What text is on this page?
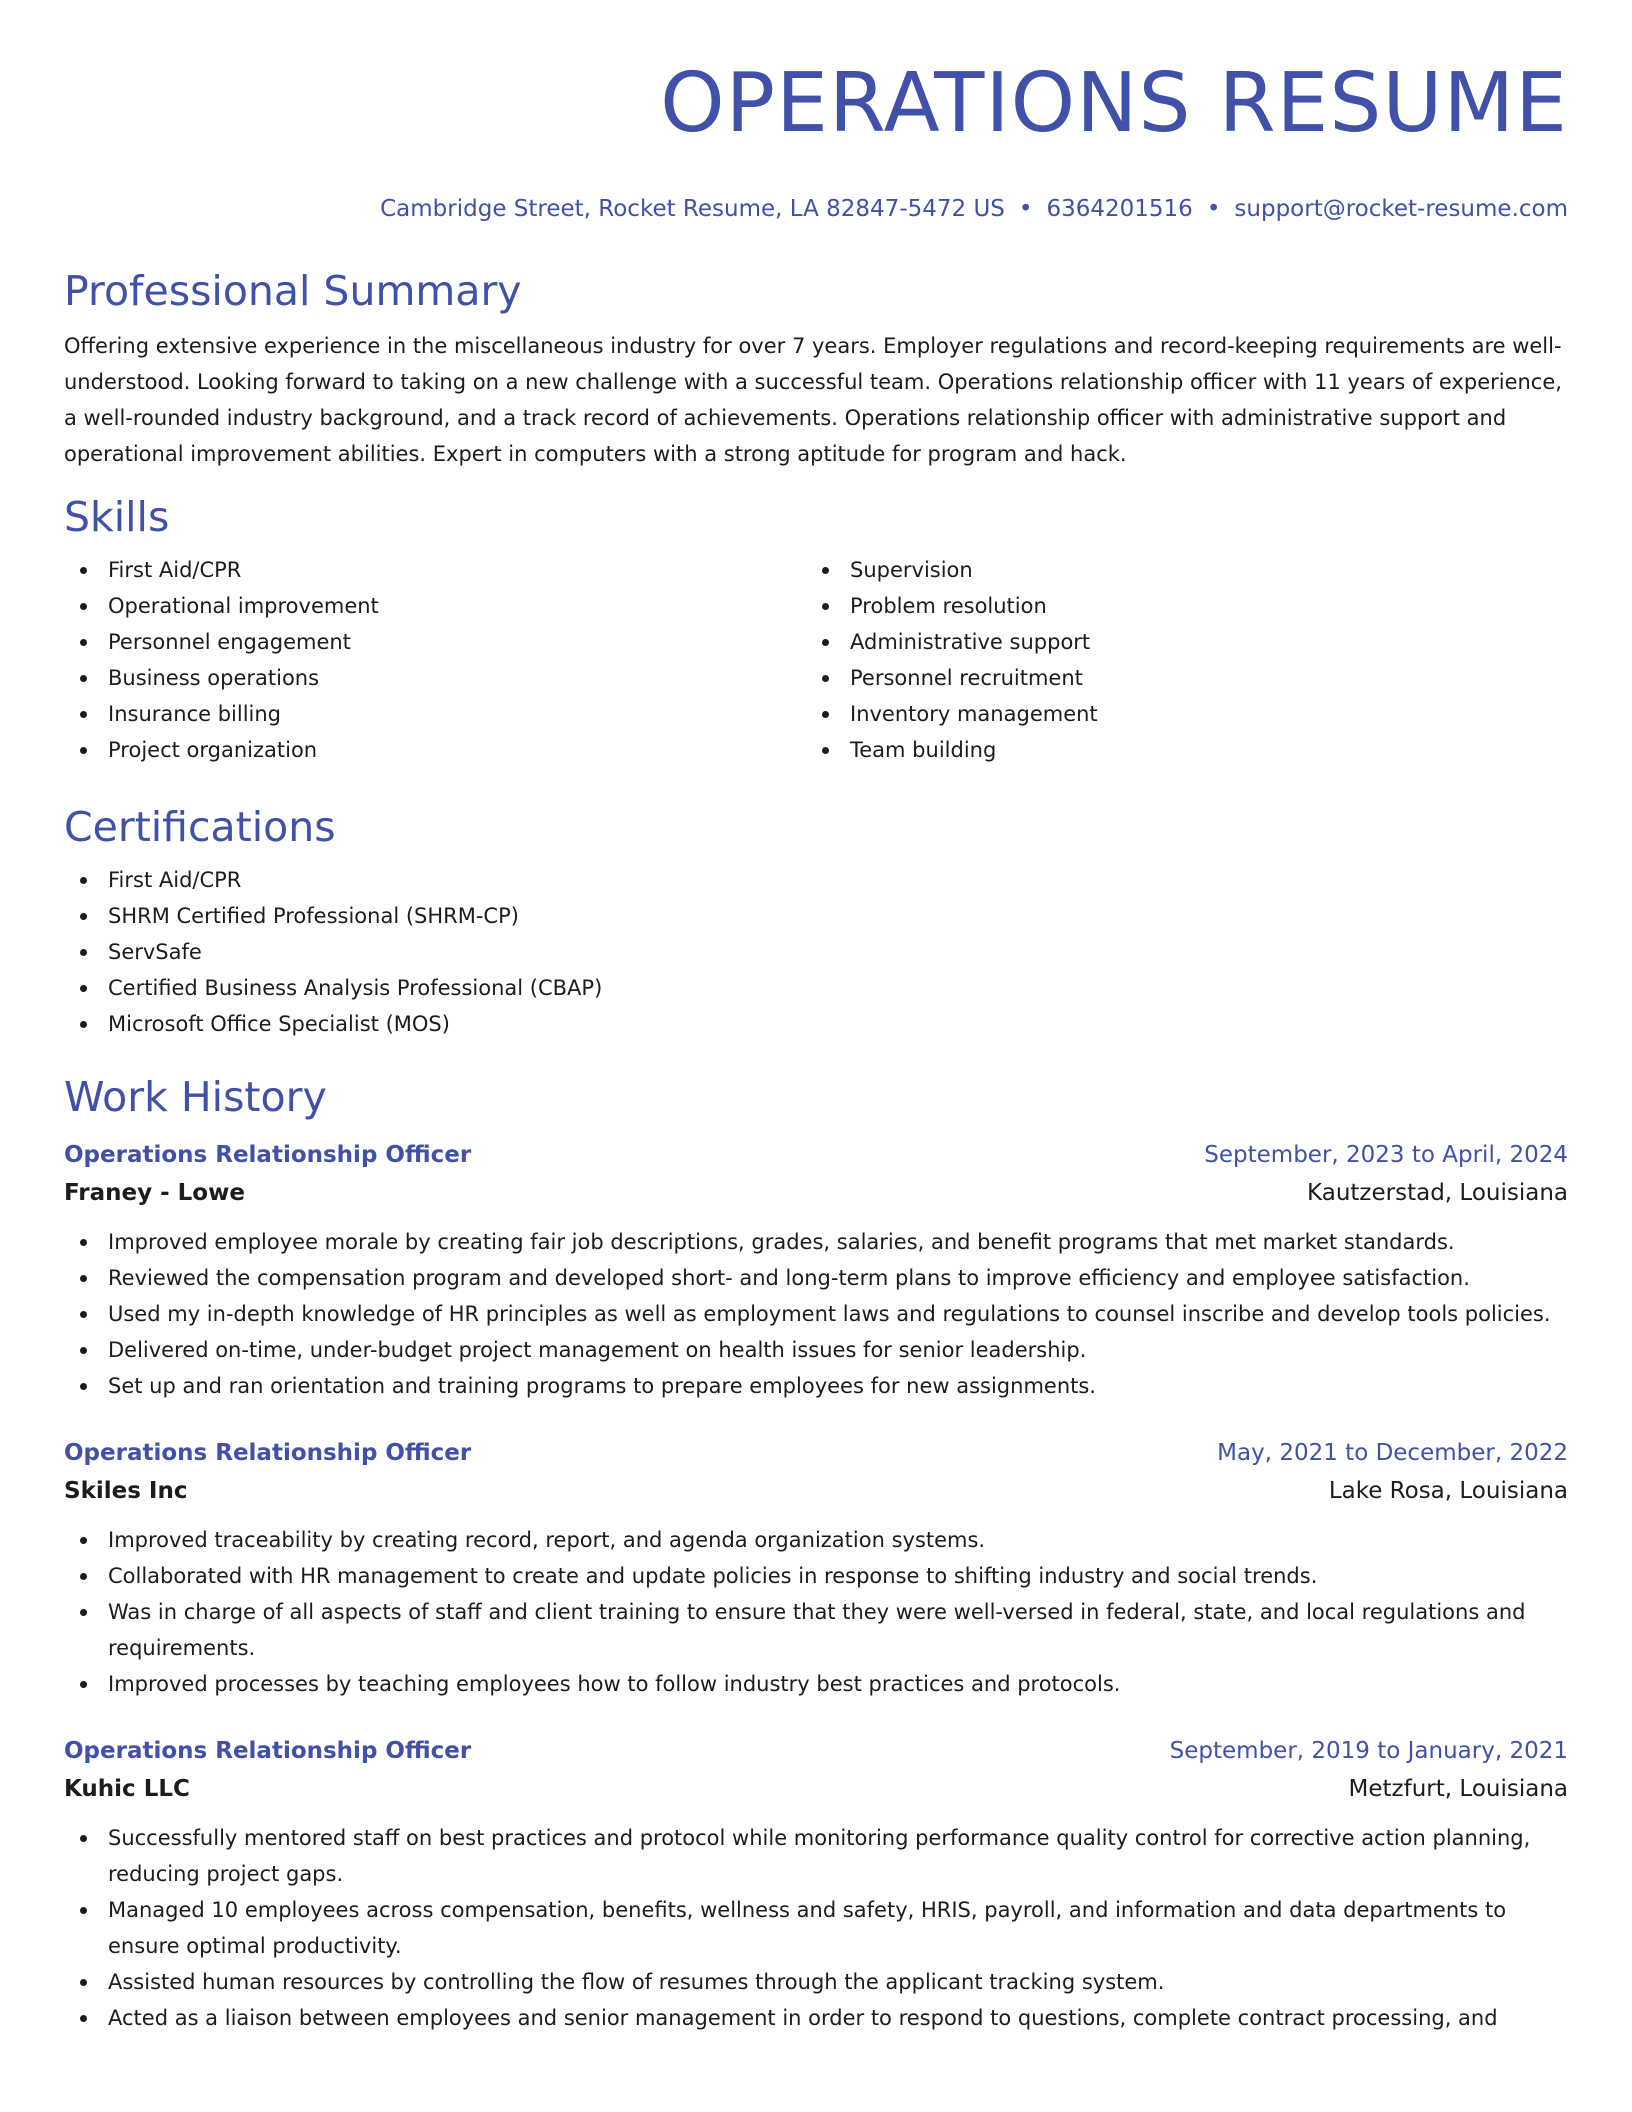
OPERATIONS RESUME
Cambridge Street, Rocket Resume, LA 82847-5472 US • 6364201516 • support@rocket-resume.com
Professional Summary

Offering extensive experience in the miscellaneous industry for over 7 years. Employer regulations and record-keeping requirements are well-understood. Looking forward to taking on a new challenge with a successful team. Operations relationship officer with 11 years of experience, a well-rounded industry background, and a track record of achievements. Operations relationship officer with administrative support and operational improvement abilities. Expert in computers with a strong aptitude for program and hack.

Skills
First Aid/CPR
Operational improvement
Personnel engagement
Business operations
Insurance billing
Project organization
Supervision
Problem resolution
Administrative support
Personnel recruitment
Inventory management
Team building
Certifications
First Aid/CPR
SHRM Certified Professional (SHRM-CP)
ServSafe
Certified Business Analysis Professional (CBAP)
Microsoft Office Specialist (MOS)
Work History
Operations Relationship Officer	September, 2023 to April, 2024
Franey - Lowe	Kautzerstad, Louisiana
Improved employee morale by creating fair job descriptions, grades, salaries, and benefit programs that met market standards.
Reviewed the compensation program and developed short- and long-term plans to improve efficiency and employee satisfaction.
Used my in-depth knowledge of HR principles as well as employment laws and regulations to counsel inscribe and develop tools policies.
Delivered on-time, under-budget project management on health issues for senior leadership.
Set up and ran orientation and training programs to prepare employees for new assignments.
Operations Relationship Officer	May, 2021 to December, 2022
Skiles Inc	Lake Rosa, Louisiana
Improved traceability by creating record, report, and agenda organization systems.
Collaborated with HR management to create and update policies in response to shifting industry and social trends.
Was in charge of all aspects of staff and client training to ensure that they were well-versed in federal, state, and local regulations and requirements.
Improved processes by teaching employees how to follow industry best practices and protocols.
Operations Relationship Officer	September, 2019 to January, 2021
Kuhic LLC	Metzfurt, Louisiana
Successfully mentored staff on best practices and protocol while monitoring performance quality control for corrective action planning, reducing project gaps.
Managed 10 employees across compensation, benefits, wellness and safety, HRIS, payroll, and information and data departments to ensure optimal productivity.
Assisted human resources by controlling the flow of resumes through the applicant tracking system.
Acted as a liaison between employees and senior management in order to respond to questions, complete contract processing, and
